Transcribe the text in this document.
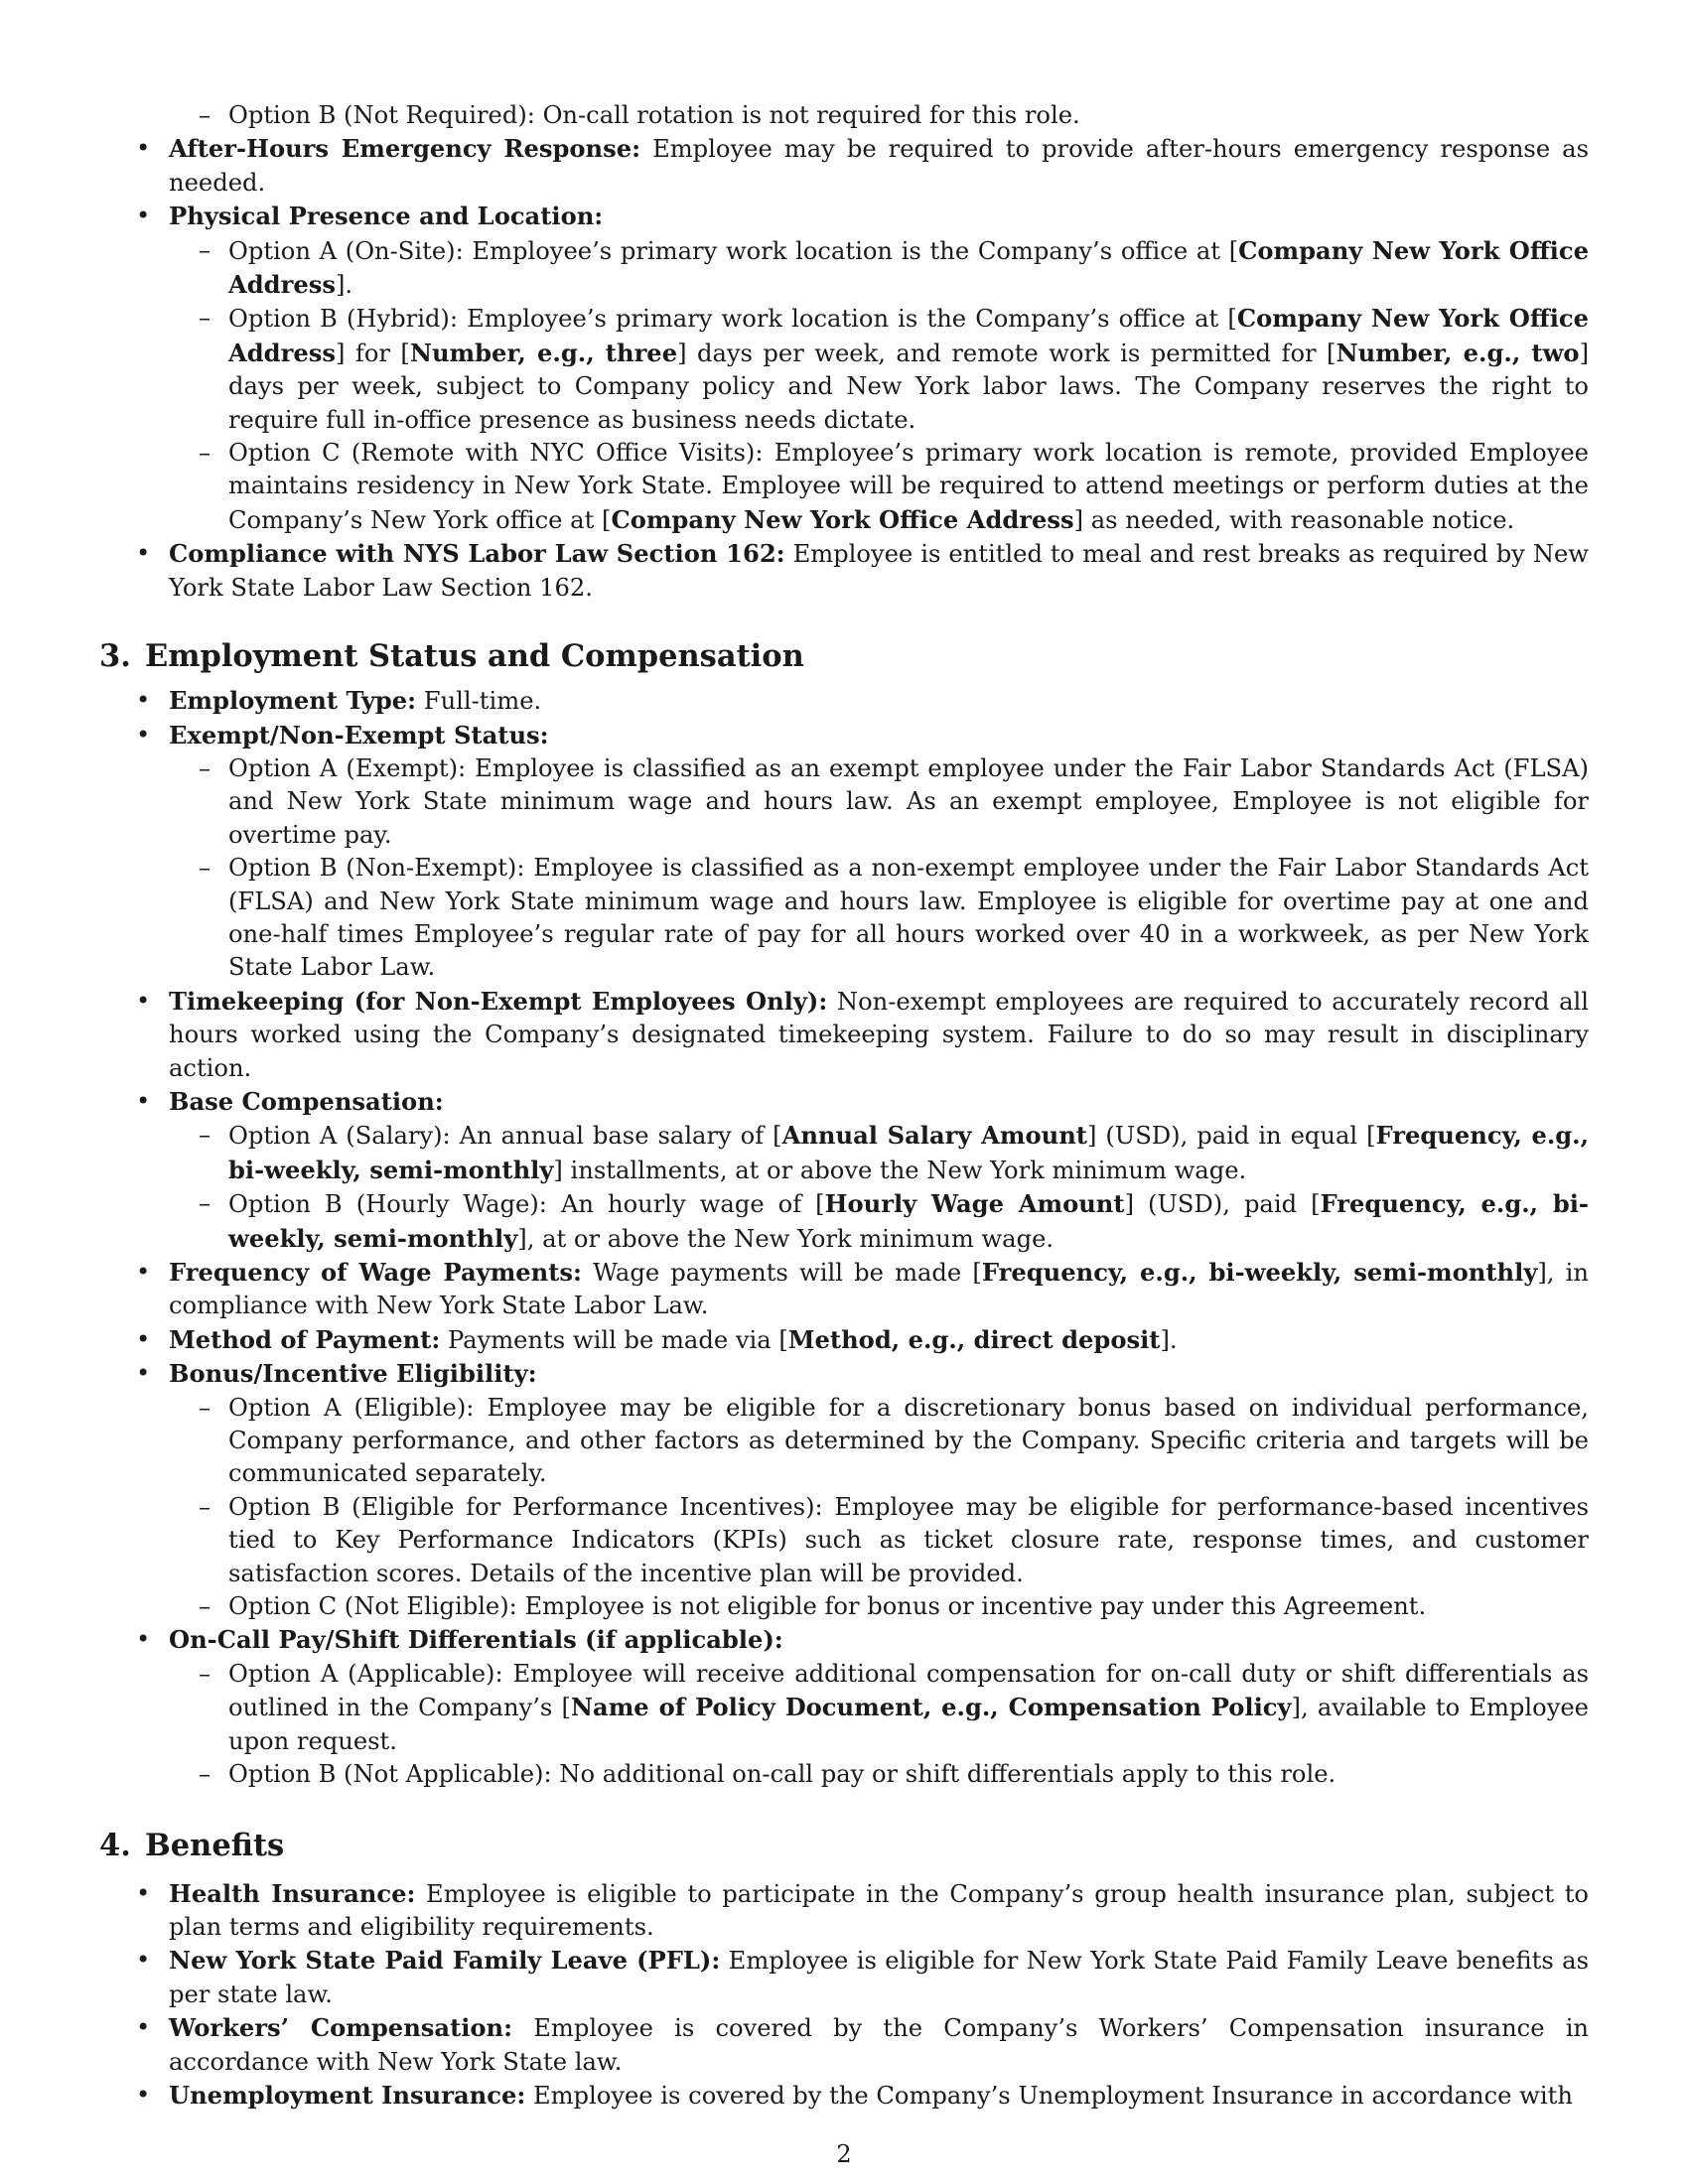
– Option B (Not Required): On-call rotation is not required for this role.
• After-Hours Emergency Response: Employee may be required to provide after-hours emergency response as needed.
• Physical Presence and Location:
– Option A (On-Site): Employee’s primary work location is the Company’s office at [Company New York Office Address].
– Option B (Hybrid): Employee’s primary work location is the Company’s office at [Company New York Office Address] for [Number, e.g., three] days per week, and remote work is permitted for [Number, e.g., two] days per week, subject to Company policy and New York labor laws. The Company reserves the right to require full in-office presence as business needs dictate.
– Option C (Remote with NYC Office Visits): Employee’s primary work location is remote, provided Employee maintains residency in New York State. Employee will be required to attend meetings or perform duties at the Company’s New York office at [Company New York Office Address] as needed, with reasonable notice.
• Compliance with NYS Labor Law Section 162: Employee is entitled to meal and rest breaks as required by New York State Labor Law Section 162.
3. Employment Status and Compensation
• Employment Type: Full-time.
• Exempt/Non-Exempt Status:
– Option A (Exempt): Employee is classified as an exempt employee under the Fair Labor Standards Act (FLSA) and New York State minimum wage and hours law. As an exempt employee, Employee is not eligible for overtime pay.
– Option B (Non-Exempt): Employee is classified as a non-exempt employee under the Fair Labor Standards Act (FLSA) and New York State minimum wage and hours law. Employee is eligible for overtime pay at one and one-half times Employee’s regular rate of pay for all hours worked over 40 in a workweek, as per New York State Labor Law.
• Timekeeping (for Non-Exempt Employees Only): Non-exempt employees are required to accurately record all hours worked using the Company’s designated timekeeping system. Failure to do so may result in disciplinary action.
• Base Compensation:
– Option A (Salary): An annual base salary of [Annual Salary Amount] (USD), paid in equal [Frequency, e.g., bi-weekly, semi-monthly] installments, at or above the New York minimum wage.
– Option B (Hourly Wage): An hourly wage of [Hourly Wage Amount] (USD), paid [Frequency, e.g., bi-weekly, semi-monthly], at or above the New York minimum wage.
• Frequency of Wage Payments: Wage payments will be made [Frequency, e.g., bi-weekly, semi-monthly], in compliance with New York State Labor Law.
• Method of Payment: Payments will be made via [Method, e.g., direct deposit].
• Bonus/Incentive Eligibility:
– Option A (Eligible): Employee may be eligible for a discretionary bonus based on individual performance, Company performance, and other factors as determined by the Company. Specific criteria and targets will be communicated separately.
– Option B (Eligible for Performance Incentives): Employee may be eligible for performance-based incentives tied to Key Performance Indicators (KPIs) such as ticket closure rate, response times, and customer satisfaction scores. Details of the incentive plan will be provided.
– Option C (Not Eligible): Employee is not eligible for bonus or incentive pay under this Agreement.
• On-Call Pay/Shift Differentials (if applicable):
– Option A (Applicable): Employee will receive additional compensation for on-call duty or shift differentials as outlined in the Company’s [Name of Policy Document, e.g., Compensation Policy], available to Employee upon request.
– Option B (Not Applicable): No additional on-call pay or shift differentials apply to this role.
4. Benefits
• Health Insurance: Employee is eligible to participate in the Company’s group health insurance plan, subject to plan terms and eligibility requirements.
• New York State Paid Family Leave (PFL): Employee is eligible for New York State Paid Family Leave benefits as per state law.
• Workers’ Compensation: Employee is covered by the Company’s Workers’ Compensation insurance in accordance with New York State law.
• Unemployment Insurance: Employee is covered by the Company’s Unemployment Insurance in accordance with
2
